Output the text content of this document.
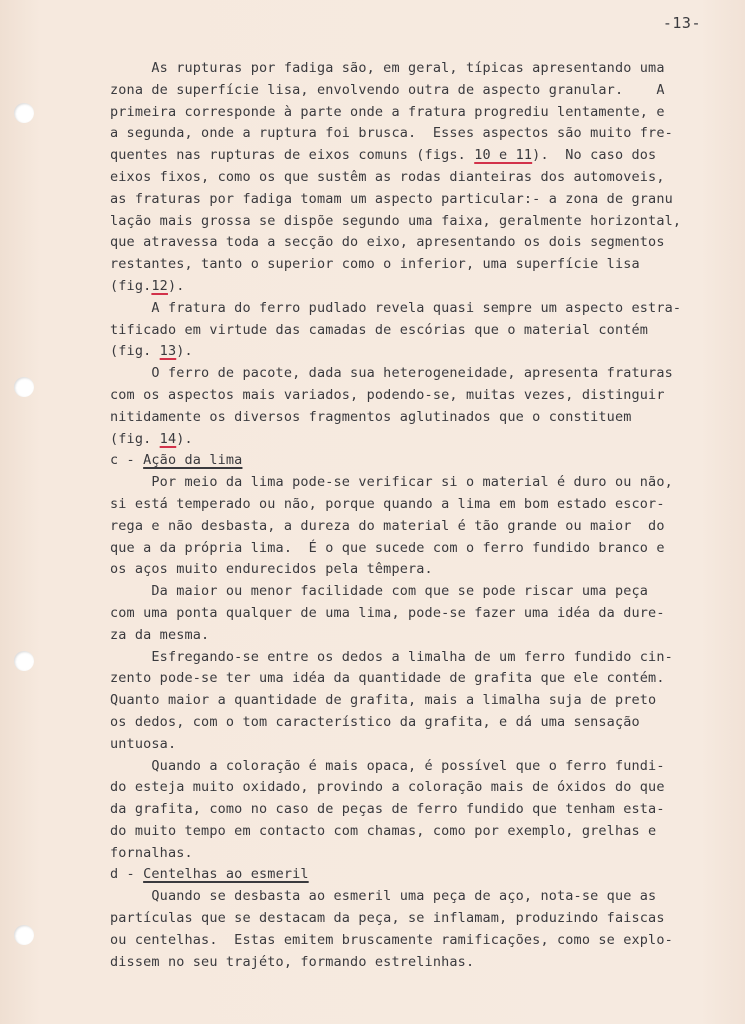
-13-
As rupturas por fadiga são, em geral, típicas apresentando uma
zona de superfície lisa, envolvendo outra de aspecto granular.    A
primeira corresponde à parte onde a fratura progrediu lentamente, e
a segunda, onde a ruptura foi brusca.  Esses aspectos são muito fre-
quentes nas rupturas de eixos comuns (figs. 10 e 11).  No caso dos
eixos fixos, como os que sustêm as rodas dianteiras dos automoveis,
as fraturas por fadiga tomam um aspecto particular:- a zona de granu
lação mais grossa se dispõe segundo uma faixa, geralmente horizontal,
que atravessa toda a secção do eixo, apresentando os dois segmentos
restantes, tanto o superior como o inferior, uma superfície lisa
(fig.12).
A fratura do ferro pudlado revela quasi sempre um aspecto estra-
tificado em virtude das camadas de escórias que o material contém
(fig. 13).
O ferro de pacote, dada sua heterogeneidade, apresenta fraturas
com os aspectos mais variados, podendo-se, muitas vezes, distinguir
nitidamente os diversos fragmentos aglutinados que o constituem
(fig. 14).
c - Ação da lima
Por meio da lima pode-se verificar si o material é duro ou não,
si está temperado ou não, porque quando a lima em bom estado escor-
rega e não desbasta, a dureza do material é tão grande ou maior  do
que a da própria lima.  É o que sucede com o ferro fundido branco e
os aços muito endurecidos pela têmpera.
Da maior ou menor facilidade com que se pode riscar uma peça
com uma ponta qualquer de uma lima, pode-se fazer uma idéa da dure-
za da mesma.
Esfregando-se entre os dedos a limalha de um ferro fundido cin-
zento pode-se ter uma idéa da quantidade de grafita que ele contém.
Quanto maior a quantidade de grafita, mais a limalha suja de preto
os dedos, com o tom característico da grafita, e dá uma sensação
untuosa.
Quando a coloração é mais opaca, é possível que o ferro fundi-
do esteja muito oxidado, provindo a coloração mais de óxidos do que
da grafita, como no caso de peças de ferro fundido que tenham esta-
do muito tempo em contacto com chamas, como por exemplo, grelhas e
fornalhas.
d - Centelhas ao esmeril
Quando se desbasta ao esmeril uma peça de aço, nota-se que as
partículas que se destacam da peça, se inflamam, produzindo faiscas
ou centelhas.  Estas emitem bruscamente ramificações, como se explo-
dissem no seu trajéto, formando estrelinhas.
